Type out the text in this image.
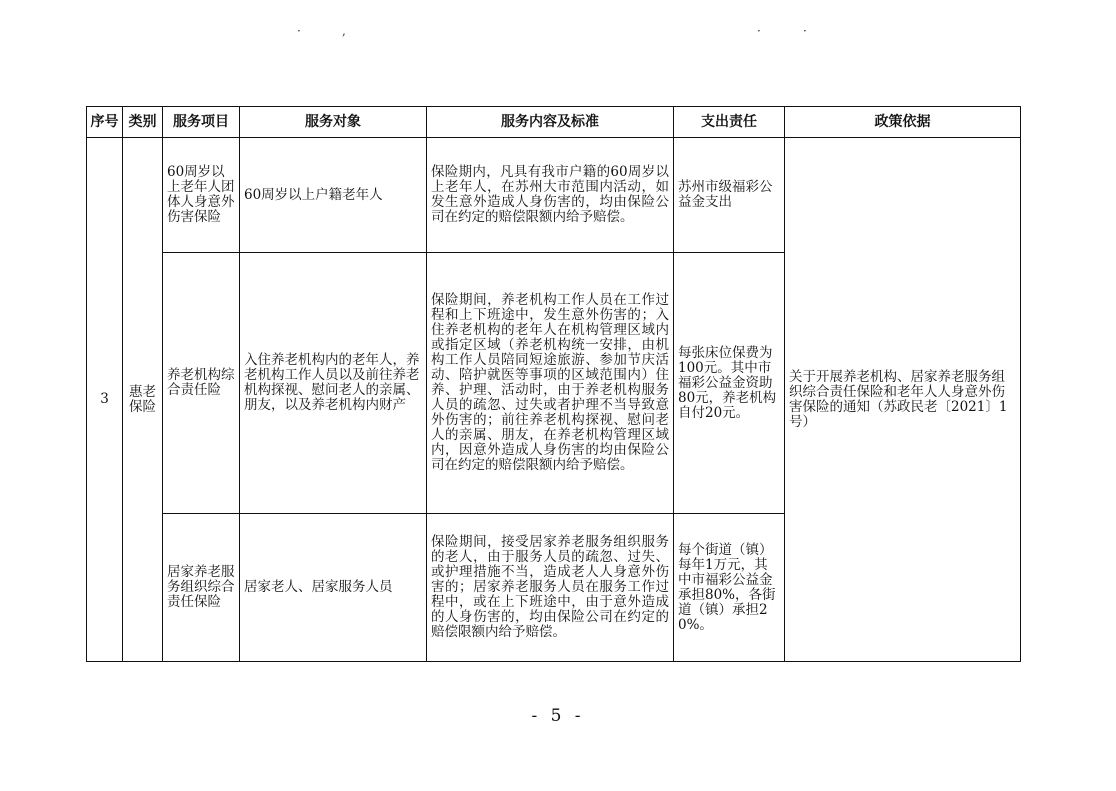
·	,	·	·
序号	类别	服务项目	服务对象	服务内容及标准	支出责任	政策依据
3	惠老保险	60周岁以上老年人团体人身意外伤害保险	60周岁以上户籍老年人	保险期内，凡具有我市户籍的60周岁以上老年人，在苏州大市范围内活动，如发生意外造成人身伤害的，均由保险公司在约定的赔偿限额内给予赔偿。	苏州市级福彩公益金支出	关于开展养老机构、居家养老服务组织综合责任保险和老年人人身意外伤害保险的通知（苏政民老〔2021〕1号）
		养老机构综合责任险	入住养老机构内的老年人，养老机构工作人员以及前往养老机构探视、慰问老人的亲属、朋友，以及养老机构内财产	保险期间，养老机构工作人员在工作过程和上下班途中，发生意外伤害的；入住养老机构的老年人在机构管理区域内或指定区域（养老机构统一安排，由机构工作人员陪同短途旅游、参加节庆活动、陪护就医等事项的区域范围内）住养、护理、活动时，由于养老机构服务人员的疏忽、过失或者护理不当导致意外伤害的；前往养老机构探视、慰问老人的亲属、朋友，在养老机构管理区域内，因意外造成人身伤害的均由保险公司在约定的赔偿限额内给予赔偿。	每张床位保费为100元。其中市福彩公益金资助80元，养老机构自付20元。	
		居家养老服务组织综合责任保险	居家老人、居家服务人员	保险期间，接受居家养老服务组织服务的老人，由于服务人员的疏忽、过失、或护理措施不当，造成老人人身意外伤害的；居家养老服务人员在服务工作过程中，或在上下班途中，由于意外造成的人身伤害的，均由保险公司在约定的赔偿限额内给予赔偿。	每个街道（镇）每年1万元，其中市福彩公益金承担80%，各街道（镇）承担20%。	
- 5 -
